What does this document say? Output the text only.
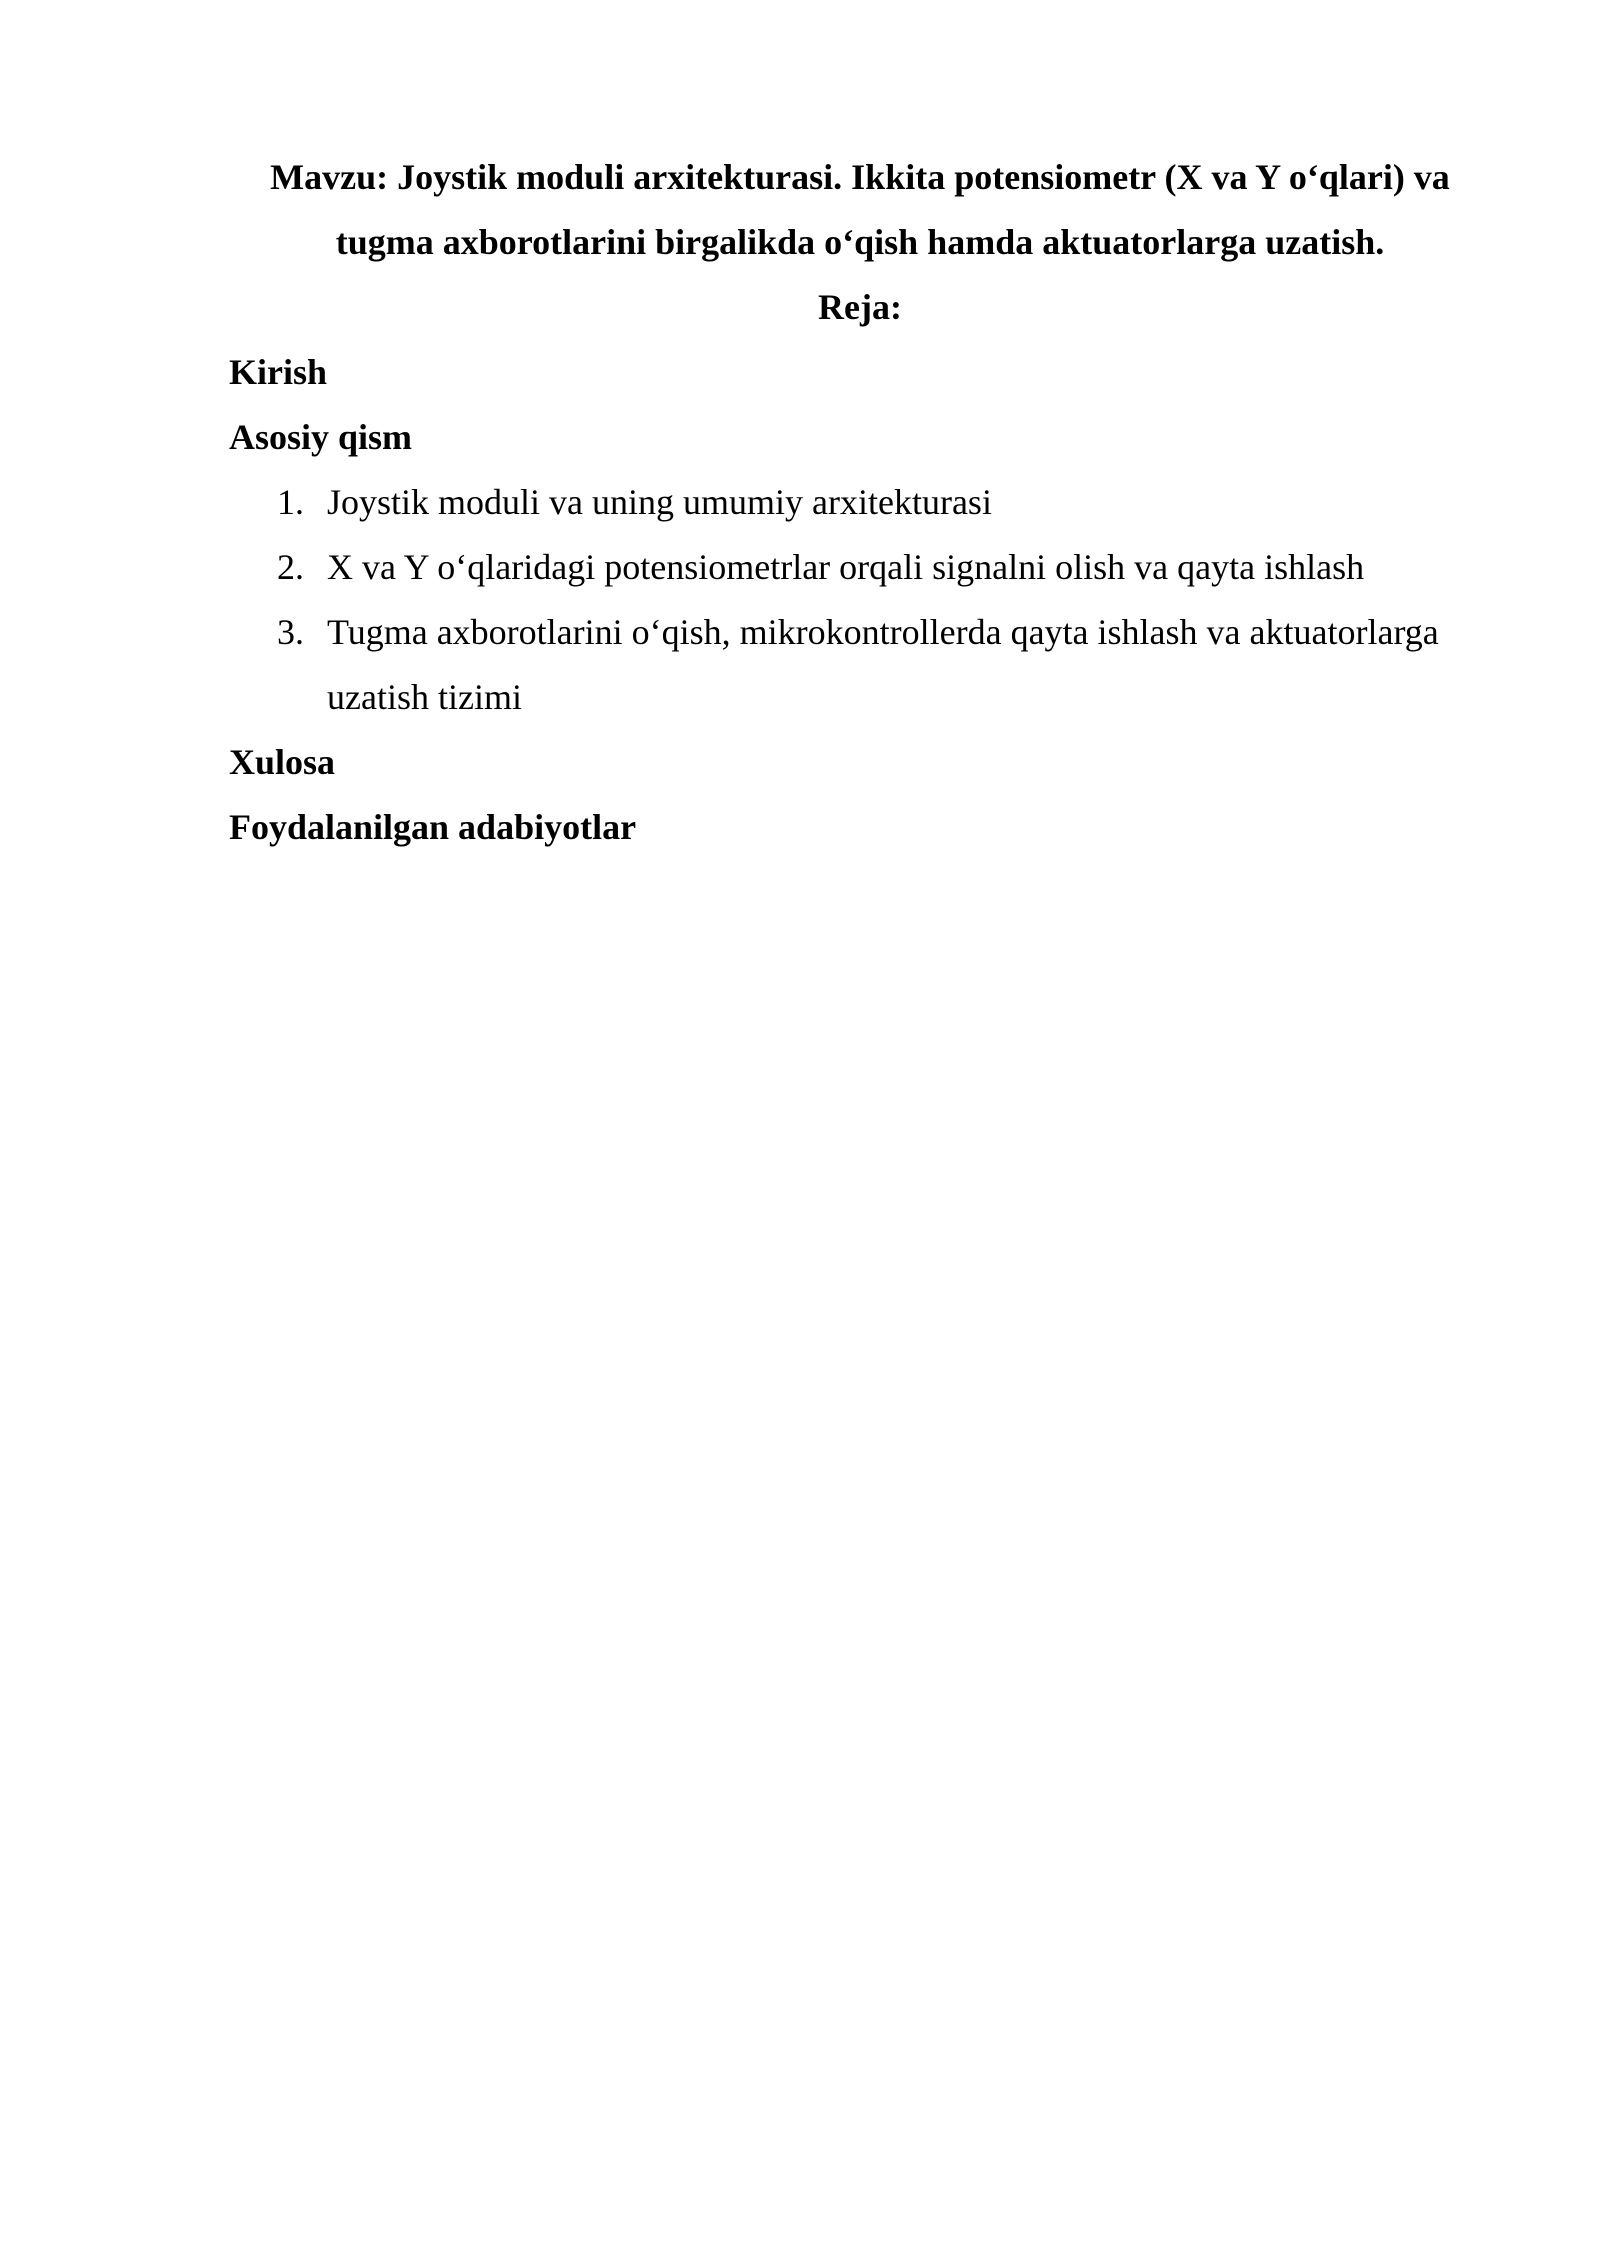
Mavzu: Joystik moduli arxitekturasi. Ikkita potensiometr (X va Y o‘qlari) va tugma axborotlarini birgalikda o‘qish hamda aktuatorlarga uzatish.

Reja:

Kirish

Asosiy qism

1. Joystik moduli va uning umumiy arxitekturasi
2. X va Y o‘qlaridagi potensiometrlar orqali signalni olish va qayta ishlash
3. Tugma axborotlarini o‘qish, mikrokontrollerda qayta ishlash va aktuatorlarga uzatish tizimi

Xulosa

Foydalanilgan adabiyotlar
